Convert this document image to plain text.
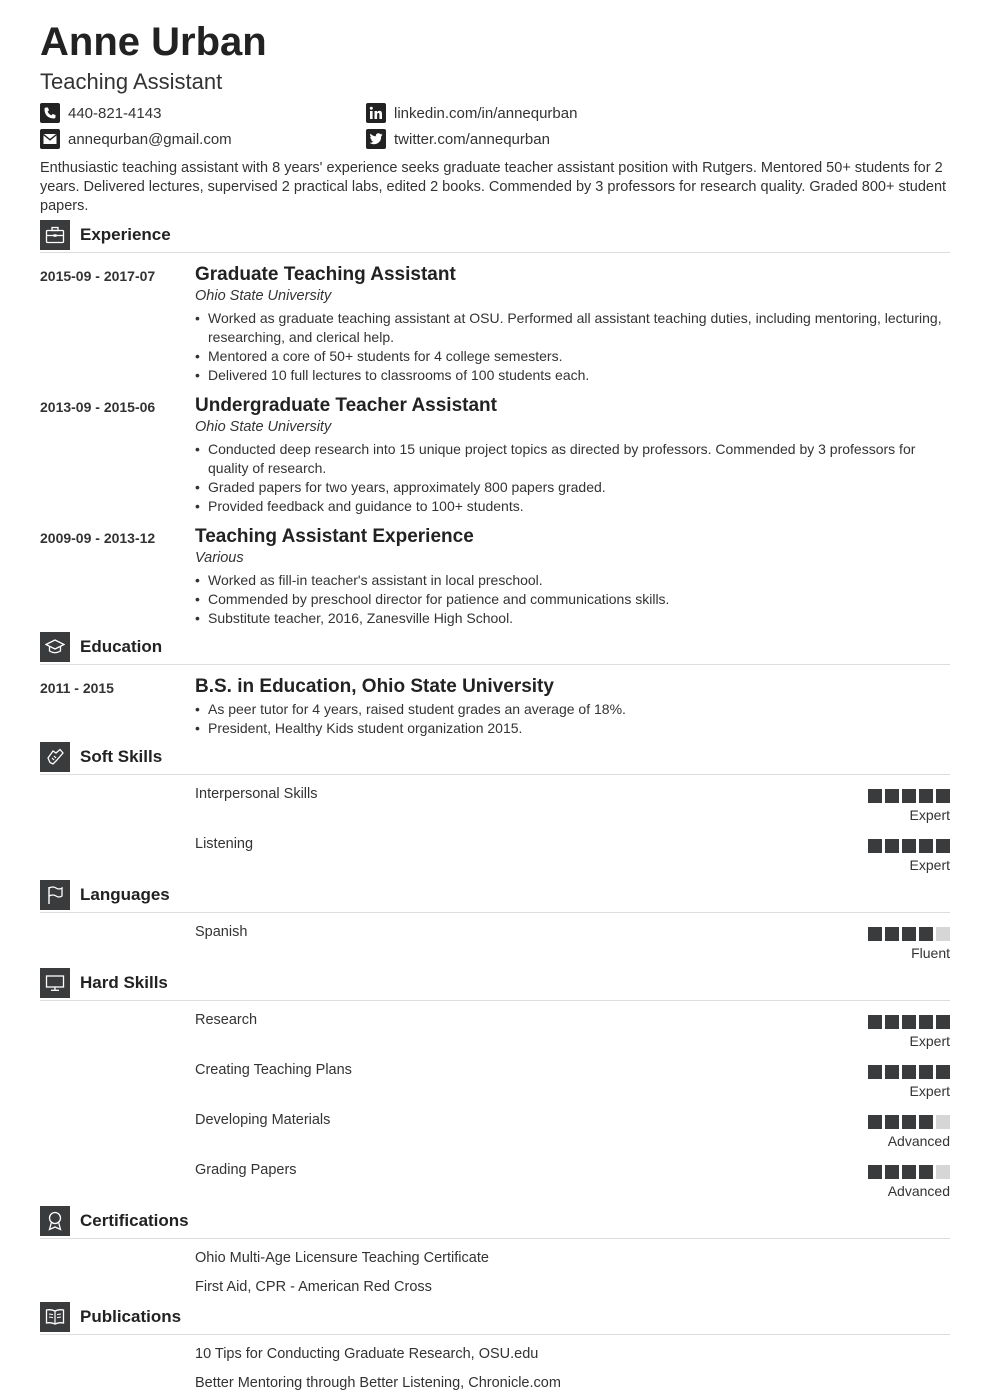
Anne Urban
Teaching Assistant
440-821-4143
annequrban@gmail.com
linkedin.com/in/annequrban
twitter.com/annequrban

Enthusiastic teaching assistant with 8 years' experience seeks graduate teacher assistant position with Rutgers. Mentored 50+ students for 2 years. Delivered lectures, supervised 2 practical labs, edited 2 books. Commended by 3 professors for research quality. Graded 800+ student papers.

Experience
2015-09 - 2017-07 Graduate Teaching Assistant
Ohio State University
• Worked as graduate teaching assistant at OSU. Performed all assistant teaching duties, including mentoring, lecturing, researching, and clerical help.
• Mentored a core of 50+ students for 4 college semesters.
• Delivered 10 full lectures to classrooms of 100 students each.
2013-09 - 2015-06 Undergraduate Teacher Assistant
Ohio State University
• Conducted deep research into 15 unique project topics as directed by professors. Commended by 3 professors for quality of research.
• Graded papers for two years, approximately 800 papers graded.
• Provided feedback and guidance to 100+ students.
2009-09 - 2013-12 Teaching Assistant Experience
Various
• Worked as fill-in teacher's assistant in local preschool.
• Commended by preschool director for patience and communications skills.
• Substitute teacher, 2016, Zanesville High School.
Education
2011 - 2015	B.S. in Education, Ohio State University
• As peer tutor for 4 years, raised student grades an average of 18%.
• President, Healthy Kids student organization 2015.
Soft Skills
Interpersonal Skills
Expert
Listening
Expert
Languages
Spanish
Fluent
Hard Skills
Research
Expert
Creating Teaching Plans
Expert
Developing Materials
Advanced
Grading Papers
Advanced
Certifications
Ohio Multi-Age Licensure Teaching Certificate
First Aid, CPR - American Red Cross
Publications
10 Tips for Conducting Graduate Research, OSU.edu
Better Mentoring through Better Listening, Chronicle.com
